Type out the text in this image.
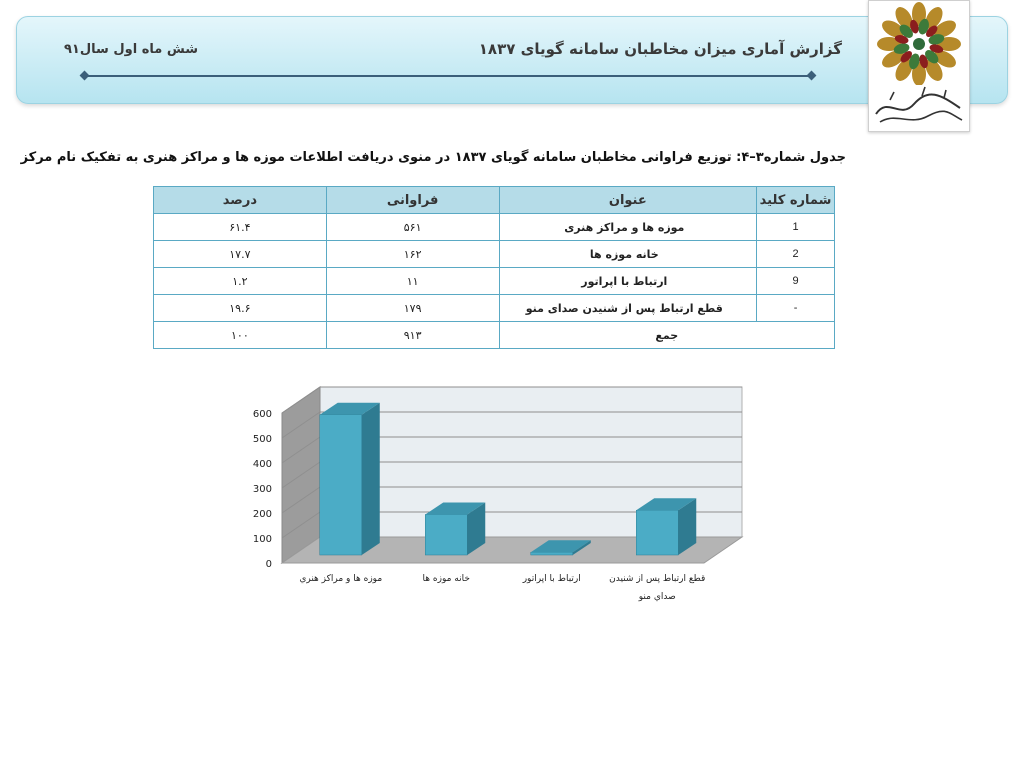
گزارش آماری میزان مخاطبان سامانه گویای ۱۸۳۷
شش ماه اول سال۹۱
جدول شماره۳–۴: توزیع فراوانی مخاطبان سامانه گویای ۱۸۳۷ در منوی دریافت اطلاعات موزه ها و مراکز هنری به تفکیک نام مرکز
شماره کلید	عنوان	فراوانی	درصد
1	موزه ها و مراکز هنری	۵۶۱	۶۱.۴
2	خانه موزه ها	۱۶۲	۱۷.۷
9	ارتباط با اپراتور	۱۱	۱.۲
-	قطع ارتباط پس از شنیدن صدای منو	۱۷۹	۱۹.۶
جمع		۹۱۳	۱۰۰
0
100
200
300
400
500
600
موزه ها و مراکز هنري	خانه موزه ها	ارتباط با اپراتور	قطع ارتباط پس از شنیدن
صداي منو
